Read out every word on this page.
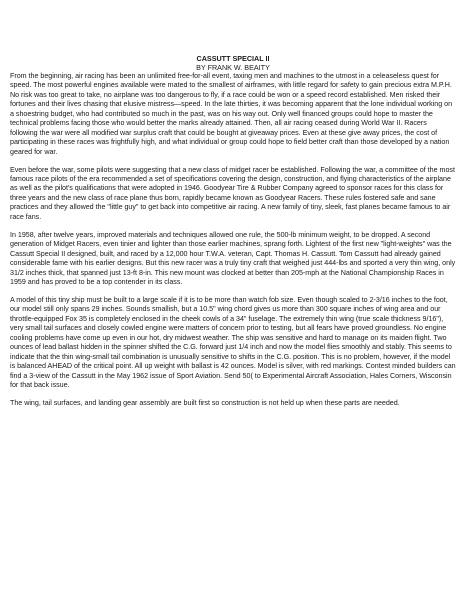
CASSUTT SPECIAL II

BY FRANK W. BEAITY

From the beginning, air racing has been an unlimited free-for-all event, taxing men and machines to the utmost in a celeaseless quest for speed. The most powerful engines available were mated to the smallest of airframes, with little regard for safety to gain precious extra M.P.H. No risk was too great to take, no airplane was too dangerous to fly, if a race could be won or a speed record established. Men risked their fortunes and their lives chasing that elusive mistress—speed. In the late thirties, it was becoming apparent that the lone individual working on a shoestring budget, who had contributed so much in the past, was on his way out. Only well financed groups could hope to master the technical problems facing those who would better the marks already attained. Then, all air racing ceased during World War II. Racers following the war were all modified war surplus craft that could be bought at giveaway prices. Even at these give away prices, the cost of participating in these races was frightfully high, and what individual or group could hope to field better craft than those developed by a nation geared for war.

Even before the war, some pilots were suggesting that a new class of midget racer be established. Following the war, a committee of the most famous race pilots of the era recommended a set of specifications covering the design, construction, and flying characteristics of the airplane as well as the pilot's qualifications that were adopted in 1946. Goodyear Tire & Rubber Company agreed to sponsor races for this class for three years and the new class of race plane thus born, rapidly became known as Goodyear Racers. These rules fostered safe and sane practices and they allowed the "little guy" to get back into competitive air racing. A new family of tiny, sleek, fast planes became famous to air race fans.

In 1958, after twelve years, improved materials and techniques allowed one rule, the 500-lb minimum weight, to be dropped. A second generation of Midget Racers, even tinier and lighter than those earlier machines, sprang forth. Lightest of the first new "light-weights" was the Cassutt Special II designed, built, and raced by a 12,000 hour T.W.A. veteran, Capt. Thomas H. Cassutt. Tom Cassutt had already gained considerable fame with his earlier designs. But this new racer was a truly tiny craft that weighed just 444-lbs and sported a very thin wing, only 31/2 inches thick, that spanned just 13-ft 8-in. This new mount was clocked at better than 205-mph at the National Championship Races in 1959 and has proved to be a top contender in its class.

A model of this tiny ship must be built to a large scale if it is to be more than watch fob size. Even though scaled to 2-3/16 inches to the foot, our model still only spans 29 inches. Sounds smallish, but a 10.5" wing chord gives us more than 300 square inches of wing area and our throttle-equipped Fox 35 is completely enclosed in the cheek cowls of a 34" fuselage. The extremely thin wing (true scale thickness 9/16"), very small tail surfaces and closely cowled engine were matters of concern prior to testing, but all fears have proved groundless. No engine cooling problems have come up even in our hot, dry midwest weather. The ship was sensitive and hard to manage on its maiden flight. Two ounces of lead ballast hidden in the spinner shifted the C.G. forward just 1/4 inch and now the model flies smoothly and stably. This seems to indicate that the thin wing-small tail combination is unusually sensitive to shifts in the C.G. position. This is no problem, however, if the model is balanced AHEAD of the critical point. All up weight with ballast is 42 ounces. Model is silver, with red markings. Contest minded builders can find a 3-view of the Cassutt in the May 1962 issue of Sport Aviation. Send 50( to Experimental Aircraft Association, Hales Corners, Wisconsin for that back issue.

The wing, tail surfaces, and landing gear assembly are built first so construction is not held up when these parts are needed.
